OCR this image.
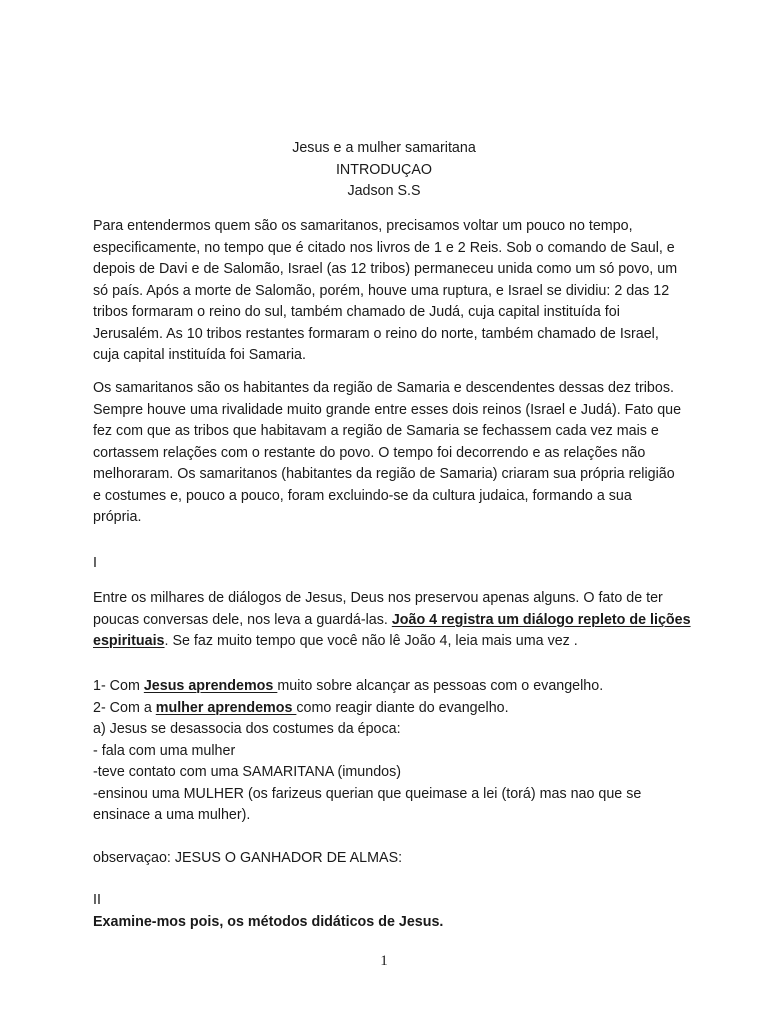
Jesus e a mulher samaritana
INTRODUÇAO
Jadson S.S
Para entendermos quem são os samaritanos, precisamos voltar um pouco no tempo,
especificamente, no tempo que é citado nos livros de 1 e 2 Reis. Sob o comando de Saul, e
depois de Davi e de Salomão, Israel (as 12 tribos) permaneceu unida como um só povo, um
só país. Após a morte de Salomão, porém, houve uma ruptura, e Israel se dividiu: 2 das 12
tribos formaram o reino do sul, também chamado de Judá, cuja capital instituída foi
Jerusalém. As 10 tribos restantes formaram o reino do norte, também chamado de Israel,
cuja capital instituída foi Samaria.
Os samaritanos são os habitantes da região de Samaria e descendentes dessas dez tribos.
Sempre houve uma rivalidade muito grande entre esses dois reinos (Israel e Judá). Fato que
fez com que as tribos que habitavam a região de Samaria se fechassem cada vez mais e
cortassem relações com o restante do povo. O tempo foi decorrendo e as relações não
melhoraram. Os samaritanos (habitantes da região de Samaria) criaram sua própria religião
e costumes e, pouco a pouco, foram excluindo-se da cultura judaica, formando a sua
própria.
I
Entre os milhares de diálogos de Jesus, Deus nos preservou apenas alguns. O fato de ter
poucas conversas dele, nos leva a guardá-las. João 4 registra um diálogo repleto de lições
espirituais. Se faz muito tempo que você não lê João 4, leia mais uma vez .
1- Com Jesus aprendemos muito sobre alcançar as pessoas com o evangelho.
2- Com a mulher aprendemos como reagir diante do evangelho.
a) Jesus se desassocia dos costumes da época:
- fala com uma mulher
-teve contato com uma SAMARITANA (imundos)
-ensinou uma MULHER (os farizeus querian que queimase a lei (torá) mas nao que se
ensinace a uma mulher).
observaçao: JESUS O GANHADOR DE ALMAS:
II
Examine-mos pois, os métodos didáticos de Jesus.
1
